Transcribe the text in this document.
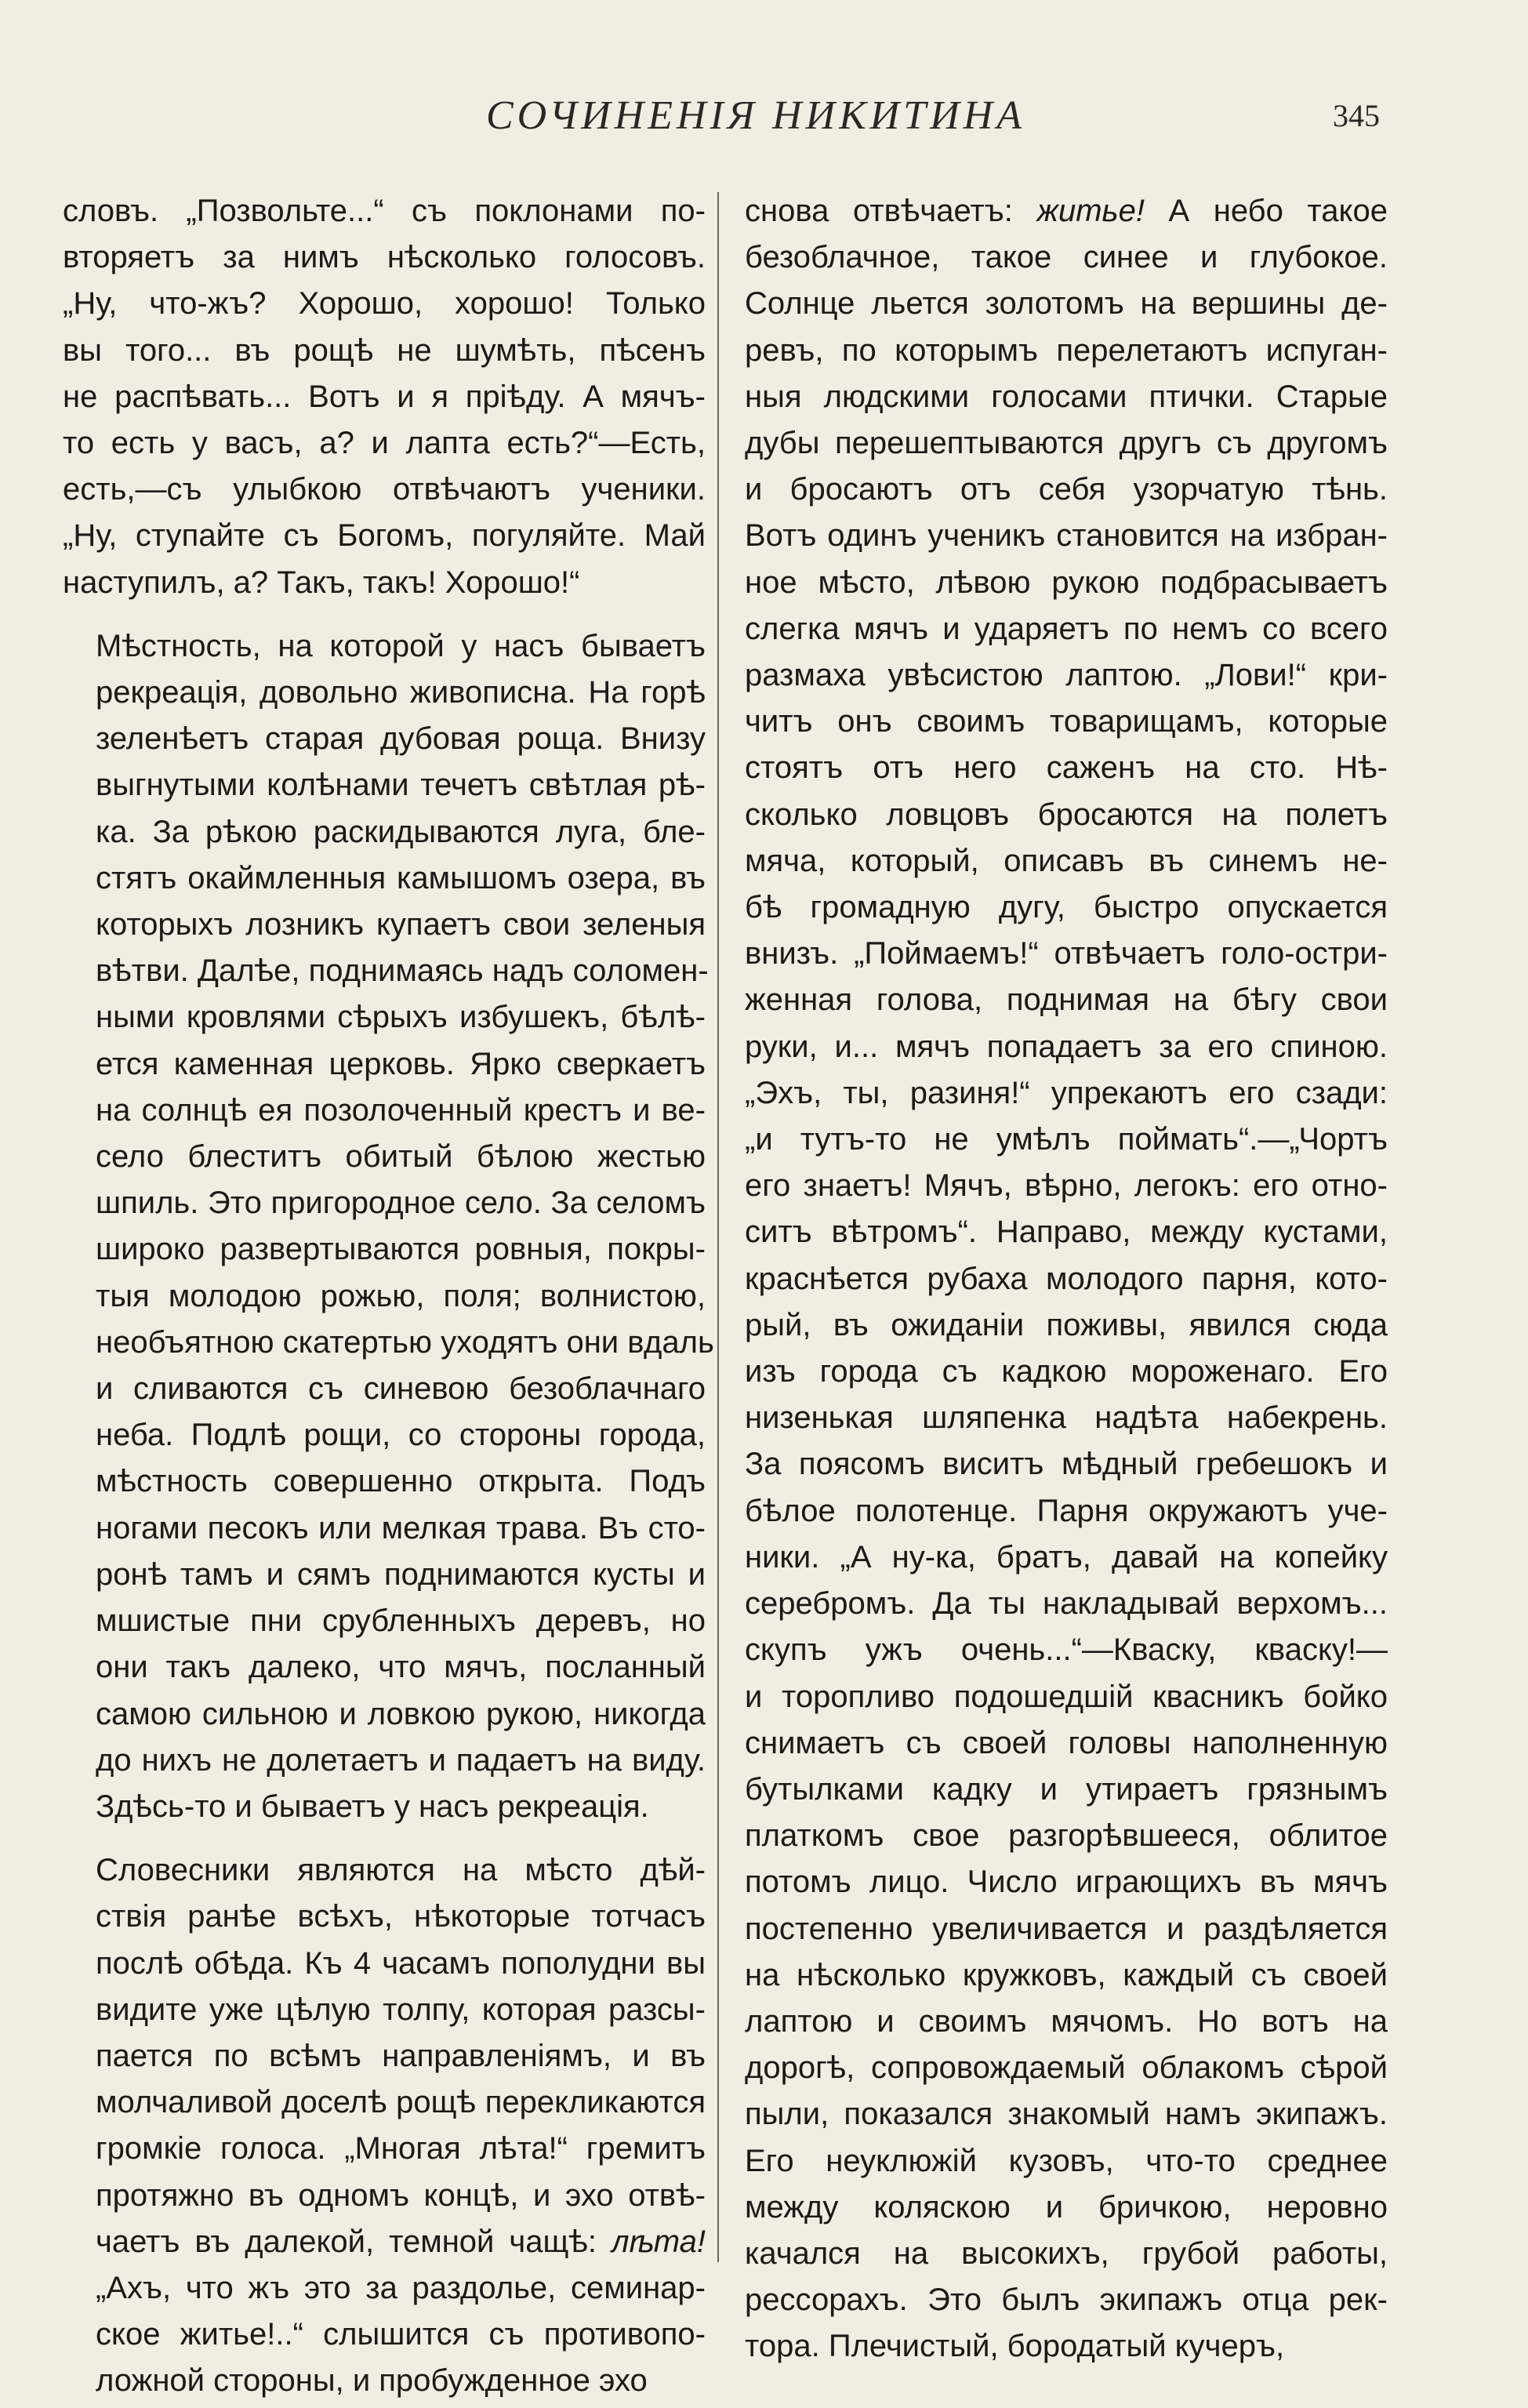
СОЧИНЕНІЯ НИКИТИНА	345

словъ. „Позвольте...“ съ поклонами по-
вторяетъ за нимъ нѣсколько голосовъ.
„Ну, что-жъ? Хорошо, хорошо! Только
вы того... въ рощѣ не шумѣть, пѣсенъ
не распѣвать... Вотъ и я пріѣду. А мячъ-
то есть у васъ, а? и лапта есть?“—Есть,
есть,—съ улыбкою отвѣчаютъ ученики.
„Ну, ступайте съ Богомъ, погуляйте. Май
наступилъ, а? Такъ, такъ! Хорошо!“

Мѣстность, на которой у насъ бываетъ
рекреація, довольно живописна. На горѣ
зеленѣетъ старая дубовая роща. Внизу
выгнутыми колѣнами течетъ свѣтлая рѣ-
ка. За рѣкою раскидываются луга, бле-
стятъ окаймленныя камышомъ озера, въ
которыхъ лозникъ купаетъ свои зеленыя
вѣтви. Далѣе, поднимаясь надъ соломен-
ными кровлями сѣрыхъ избушекъ, бѣлѣ-
ется каменная церковь. Ярко сверкаетъ
на солнцѣ ея позолоченный крестъ и ве-
село блеститъ обитый бѣлою жестью
шпиль. Это пригородное село. За селомъ
широко развертываются ровныя, покры-
тыя молодою рожью, поля; волнистою,
необъятною скатертью уходятъ они вдаль
и сливаются съ синевою безоблачнаго
неба. Подлѣ рощи, со стороны города,
мѣстность совершенно открыта. Подъ
ногами песокъ или мелкая трава. Въ сто-
ронѣ тамъ и сямъ поднимаются кусты и
мшистые пни срубленныхъ деревъ, но
они такъ далеко, что мячъ, посланный
самою сильною и ловкою рукою, никогда
до нихъ не долетаетъ и падаетъ на виду.
Здѣсь-то и бываетъ у насъ рекреація.

Словесники являются на мѣсто дѣй-
ствія ранѣе всѣхъ, нѣкоторые тотчасъ
послѣ обѣда. Къ 4 часамъ пополудни вы
видите уже цѣлую толпу, которая разсы-
пается по всѣмъ направленіямъ, и въ
молчаливой доселѣ рощѣ перекликаются
громкіе голоса. „Многая лѣта!“ гремитъ
протяжно въ одномъ концѣ, и эхо отвѣ-
чаетъ въ далекой, темной чащѣ: лѣта!
„Ахъ, что жъ это за раздолье, семинар-
ское житье!..“ слышится съ противопо-
ложной стороны, и пробужденное эхо

снова отвѣчаетъ: житье! А небо такое
безоблачное, такое синее и глубокое.
Солнце льется золотомъ на вершины де-
ревъ, по которымъ перелетаютъ испуган-
ныя людскими голосами птички. Старые
дубы перешептываются другъ съ другомъ
и бросаютъ отъ себя узорчатую тѣнь.
Вотъ одинъ ученикъ становится на избран-
ное мѣсто, лѣвою рукою подбрасываетъ
слегка мячъ и ударяетъ по немъ со всего
размаха увѣсистою лаптою. „Лови!“ кри-
читъ онъ своимъ товарищамъ, которые
стоятъ отъ него саженъ на сто. Нѣ-
сколько ловцовъ бросаются на полетъ
мяча, который, описавъ въ синемъ не-
бѣ громадную дугу, быстро опускается
внизъ. „Поймаемъ!“ отвѣчаетъ голо-остри-
женная голова, поднимая на бѣгу свои
руки, и... мячъ попадаетъ за его спиною.
„Эхъ, ты, разиня!“ упрекаютъ его сзади:
„и тутъ-то не умѣлъ поймать“.—„Чортъ
его знаетъ! Мячъ, вѣрно, легокъ: его отно-
ситъ вѣтромъ“. Направо, между кустами,
краснѣется рубаха молодого парня, кото-
рый, въ ожиданіи поживы, явился сюда
изъ города съ кадкою мороженаго. Его
низенькая шляпенка надѣта набекрень.
За поясомъ виситъ мѣдный гребешокъ и
бѣлое полотенце. Парня окружаютъ уче-
ники. „А ну-ка, братъ, давай на копейку
серебромъ. Да ты накладывай верхомъ...
скупъ ужъ очень...“—Кваску, кваску!—
и торопливо подошедшій квасникъ бойко
снимаетъ съ своей головы наполненную
бутылками кадку и утираетъ грязнымъ
платкомъ свое разгорѣвшееся, облитое
потомъ лицо. Число играющихъ въ мячъ
постепенно увеличивается и раздѣляется
на нѣсколько кружковъ, каждый съ своей
лаптою и своимъ мячомъ. Но вотъ на
дорогѣ, сопровождаемый облакомъ сѣрой
пыли, показался знакомый намъ экипажъ.
Его неуклюжій кузовъ, что-то среднее
между коляскою и бричкою, неровно
качался на высокихъ, грубой работы,
рессорахъ. Это былъ экипажъ отца рек-
тора. Плечистый, бородатый кучеръ,
